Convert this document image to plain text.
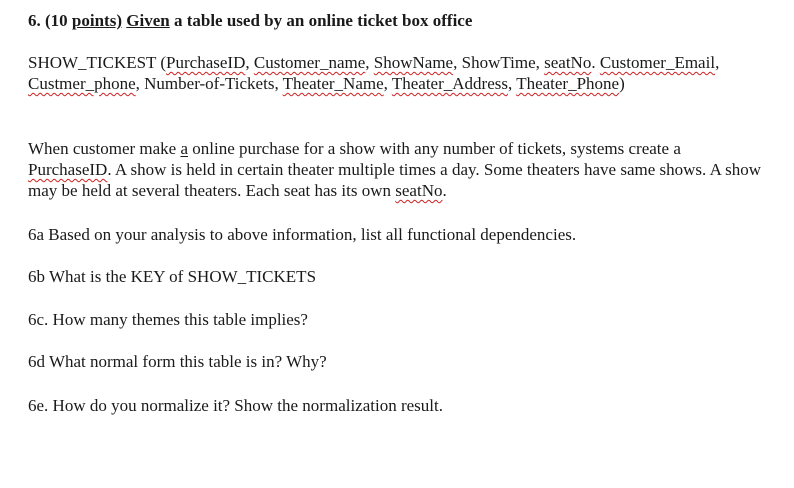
6. (10 points) Given a table used by an online ticket box office
SHOW_TICKEST (PurchaseID, Customer_name, ShowName, ShowTime, seatNo. Customer_Email, Custmer_phone, Number-of-Tickets, Theater_Name, Theater_Address, Theater_Phone)
When customer make a online purchase for a show with any number of tickets, systems create a PurchaseID. A show is held in certain theater multiple times a day. Some theaters have same shows. A show may be held at several theaters. Each seat has its own seatNo.
6a Based on your analysis to above information, list all functional dependencies.
6b What is the KEY of SHOW_TICKETS
6c. How many themes this table implies?
6d What normal form this table is in? Why?
6e. How do you normalize it? Show the normalization result.
